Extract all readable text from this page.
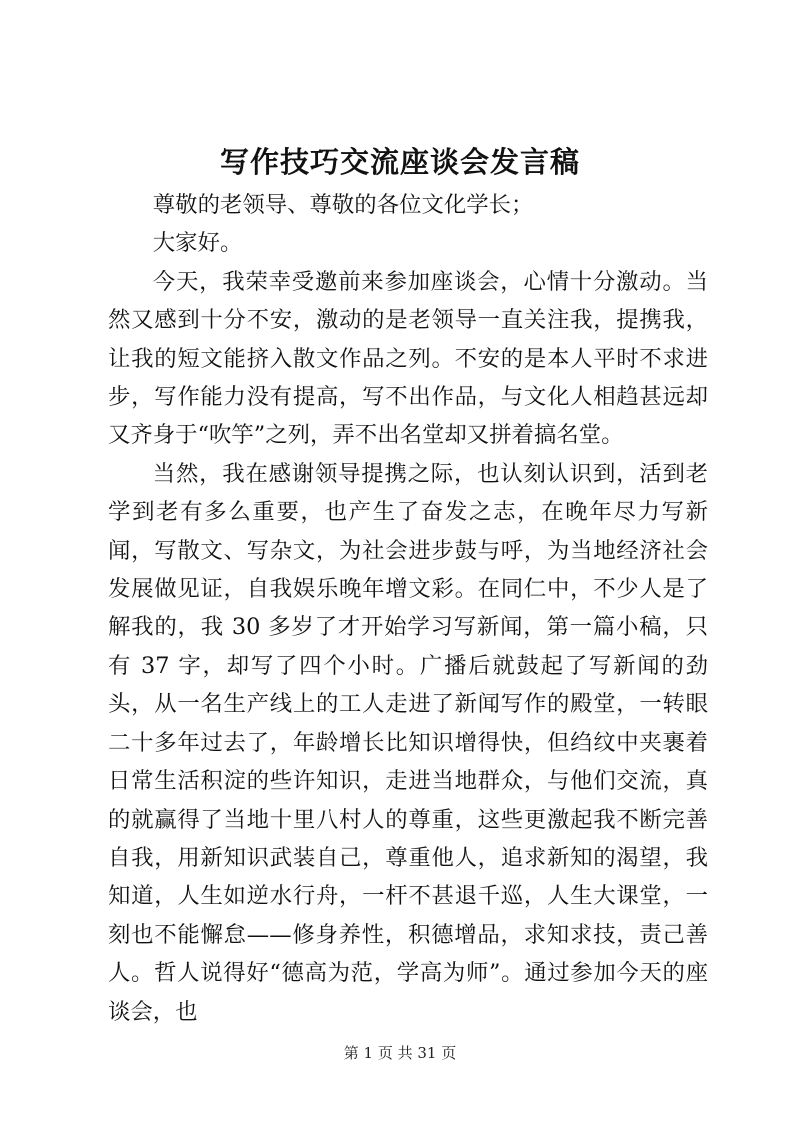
写作技巧交流座谈会发言稿

尊敬的老领导、尊敬的各位文化学长；

大家好。

今天，我荣幸受邀前来参加座谈会，心情十分激动。当然又感到十分不安，激动的是老领导一直关注我，提携我，让我的短文能挤入散文作品之列。不安的是本人平时不求进步，写作能力没有提高，写不出作品，与文化人相趋甚远却又齐身于“吹竽”之列，弄不出名堂却又拼着搞名堂。

当然，我在感谢领导提携之际，也认刻认识到，活到老学到老有多么重要，也产生了奋发之志，在晚年尽力写新闻，写散文、写杂文，为社会进步鼓与呼，为当地经济社会发展做见证，自我娱乐晚年增文彩。在同仁中，不少人是了解我的，我 30 多岁了才开始学习写新闻，第一篇小稿，只有 37 字，却写了四个小时。广播后就鼓起了写新闻的劲头，从一名生产线上的工人走进了新闻写作的殿堂，一转眼二十多年过去了，年龄增长比知识增得快，但绉纹中夹裹着日常生活积淀的些许知识，走进当地群众，与他们交流，真的就赢得了当地十里八村人的尊重，这些更激起我不断完善自我，用新知识武装自己，尊重他人，追求新知的渴望，我知道，人生如逆水行舟，一杆不甚退千巡，人生大课堂，一刻也不能懈怠——修身养性，积德增品，求知求技，责己善人。哲人说得好“德高为范，学高为师”。通过参加今天的座谈会，也

第 1 页 共 31 页
